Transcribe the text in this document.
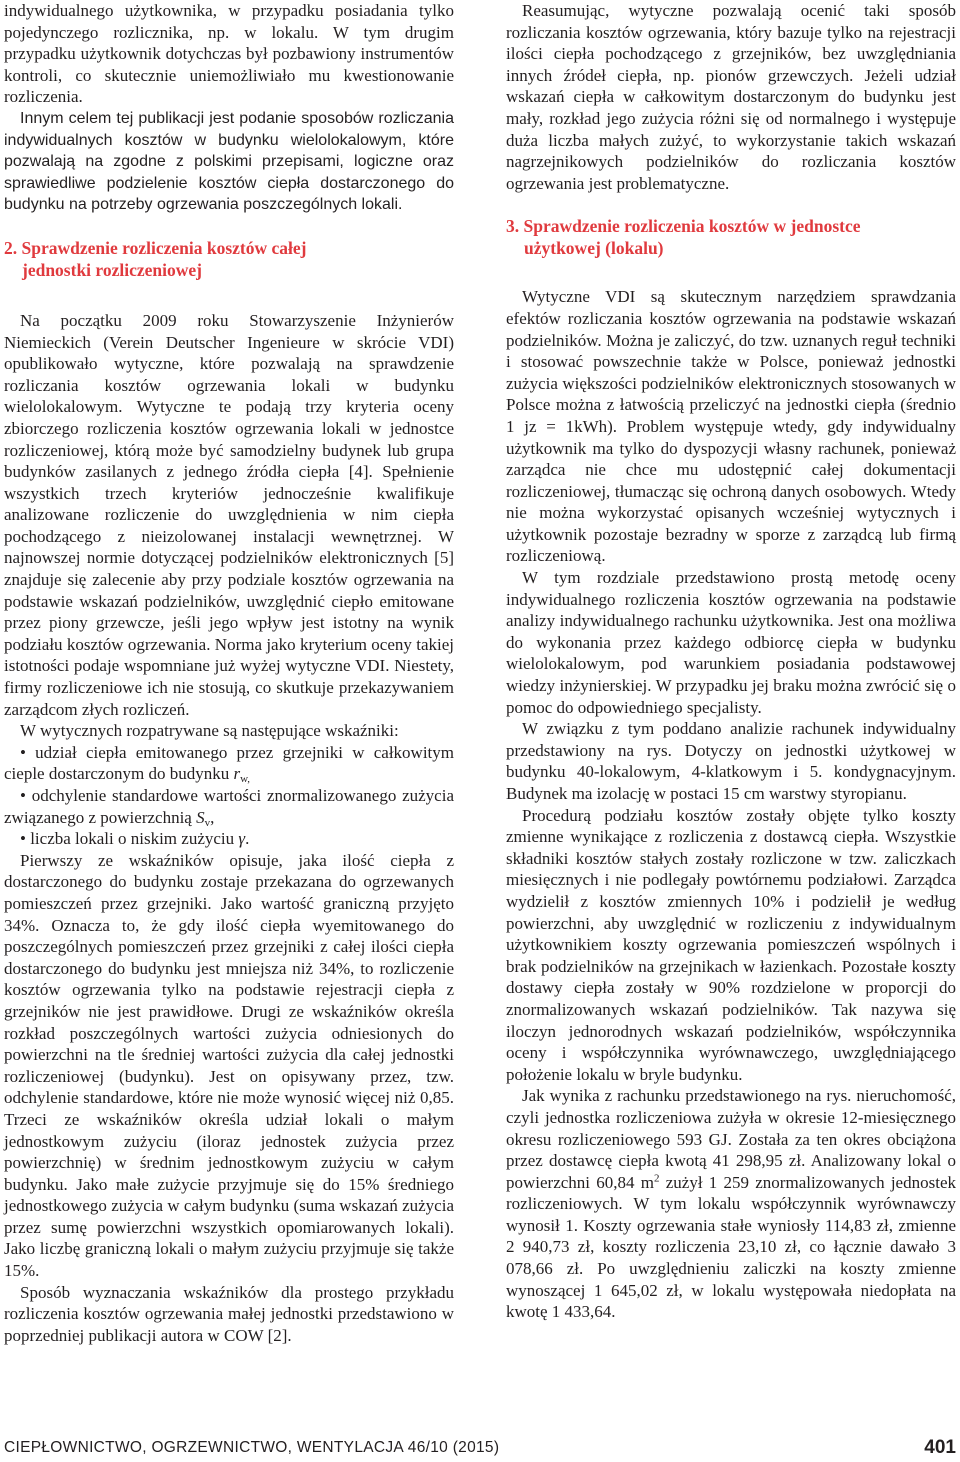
indywidualnego użytkownika, w przypadku posiadania tylko pojedynczego rozlicznika, np. w lokalu. W tym drugim przypadku użytkownik dotychczas był pozbawiony instrumentów kontroli, co skutecznie uniemożliwiało mu kwestionowanie rozliczenia.

Innym celem tej publikacji jest podanie sposobów rozliczania indywidualnych kosztów w budynku wielolokalowym, które pozwalają na zgodne z polskimi przepisami, logiczne oraz sprawiedliwe podzielenie kosztów ciepła dostarczonego do budynku na potrzeby ogrzewania poszczególnych lokali.

2. Sprawdzenie rozliczenia kosztów całej
jednostki rozliczeniowej

Na początku 2009 roku Stowarzyszenie Inżynierów Niemieckich (Verein Deutscher Ingenieure w skrócie VDI) opublikowało wytyczne, które pozwalają na sprawdzenie rozliczania kosztów ogrzewania lokali w budynku wielolokalowym. Wytyczne te podają trzy kryteria oceny zbiorczego rozliczenia kosztów ogrzewania lokali w jednostce rozliczeniowej, którą może być samodzielny budynek lub grupa budynków zasilanych z jednego źródła ciepła [4]. Spełnienie wszystkich trzech kryteriów jednocześnie kwalifikuje analizowane rozliczenie do uwzględnienia w nim ciepła pochodzącego z nieizolowanej instalacji wewnętrznej. W najnowszej normie dotyczącej podzielników elektronicznych [5] znajduje się zalecenie aby przy podziale kosztów ogrzewania na podstawie wskazań podzielników, uwzględnić ciepło emitowane przez piony grzewcze, jeśli jego wpływ jest istotny na wynik podziału kosztów ogrzewania. Norma jako kryterium oceny takiej istotności podaje wspomniane już wyżej wytyczne VDI. Niestety, firmy rozliczeniowe ich nie stosują, co skutkuje przekazywaniem zarządcom złych rozliczeń.

W wytycznych rozpatrywane są następujące wskaźniki:

• udział ciepła emitowanego przez grzejniki w całkowitym cieple dostarczonym do budynku $r_{w,}$

• odchylenie standardowe wartości znormalizowanego zużycia związanego z powierzchnią $S_v$,

• liczba lokali o niskim zużyciu γ.

Pierwszy ze wskaźników opisuje, jaka ilość ciepła z dostarczonego do budynku zostaje przekazana do ogrzewanych pomieszczeń przez grzejniki. Jako wartość graniczną przyjęto 34%. Oznacza to, że gdy ilość ciepła wyemitowanego do poszczególnych pomieszczeń przez grzejniki z całej ilości ciepła dostarczonego do budynku jest mniejsza niż 34%, to rozliczenie kosztów ogrzewania tylko na podstawie rejestracji ciepła z grzejników nie jest prawidłowe. Drugi ze wskaźników określa rozkład poszczególnych wartości zużycia odniesionych do powierzchni na tle średniej wartości zużycia dla całej jednostki rozliczeniowej (budynku). Jest on opisywany przez, tzw. odchylenie standardowe, które nie może wynosić więcej niż 0,85. Trzeci ze wskaźników określa udział lokali o małym jednostkowym zużyciu (iloraz jednostek zużycia przez powierzchnię) w średnim jednostkowym zużyciu w całym budynku. Jako małe zużycie przyjmuje się do 15% średniego jednostkowego zużycia w całym budynku (suma wskazań zużycia przez sumę powierzchni wszystkich opomiarowanych lokali). Jako liczbę graniczną lokali o małym zużyciu przyjmuje się także 15%.

Sposób wyznaczania wskaźników dla prostego przykładu rozliczenia kosztów ogrzewania małej jednostki przedstawiono w poprzedniej publikacji autora w COW [2].

Reasumując, wytyczne pozwalają ocenić taki sposób rozliczania kosztów ogrzewania, który bazuje tylko na rejestracji ilości ciepła pochodzącego z grzejników, bez uwzględniania innych źródeł ciepła, np. pionów grzewczych. Jeżeli udział wskazań ciepła w całkowitym dostarczonym do budynku jest mały, rozkład jego zużycia różni się od normalnego i występuje duża liczba małych zużyć, to wykorzystanie takich wskazań nagrzejnikowych podzielników do rozliczania kosztów ogrzewania jest problematyczne.

3. Sprawdzenie rozliczenia kosztów w jednostce
użytkowej (lokalu)

Wytyczne VDI są skutecznym narzędziem sprawdzania efektów rozliczania kosztów ogrzewania na podstawie wskazań podzielników. Można je zaliczyć, do tzw. uznanych reguł techniki i stosować powszechnie także w Polsce, ponieważ jednostki zużycia większości podzielników elektronicznych stosowanych w Polsce można z łatwością przeliczyć na jednostki ciepła (średnio 1 jz = 1kWh). Problem występuje wtedy, gdy indywidualny użytkownik ma tylko do dyspozycji własny rachunek, ponieważ zarządca nie chce mu udostępnić całej dokumentacji rozliczeniowej, tłumacząc się ochroną danych osobowych. Wtedy nie można wykorzystać opisanych wcześniej wytycznych i użytkownik pozostaje bezradny w sporze z zarządcą lub firmą rozliczeniową.

W tym rozdziale przedstawiono prostą metodę oceny indywidualnego rozliczenia kosztów ogrzewania na podstawie analizy indywidualnego rachunku użytkownika. Jest ona możliwa do wykonania przez każdego odbiorcę ciepła w budynku wielolokalowym, pod warunkiem posiadania podstawowej wiedzy inżynierskiej. W przypadku jej braku można zwrócić się o pomoc do odpowiedniego specjalisty.

W związku z tym poddano analizie rachunek indywidualny przedstawiony na rys. Dotyczy on jednostki użytkowej w budynku 40-lokalowym, 4-klatkowym i 5. kondygnacyjnym. Budynek ma izolację w postaci 15 cm warstwy styropianu.

Procedurą podziału kosztów zostały objęte tylko koszty zmienne wynikające z rozliczenia z dostawcą ciepła. Wszystkie składniki kosztów stałych zostały rozliczone w tzw. zaliczkach miesięcznych i nie podlegały powtórnemu podziałowi. Zarządca wydzielił z kosztów zmiennych 10% i podzielił je według powierzchni, aby uwzględnić w rozliczeniu z indywidualnym użytkownikiem koszty ogrzewania pomieszczeń wspólnych i brak podzielników na grzejnikach w łazienkach. Pozostałe koszty dostawy ciepła zostały w 90% rozdzielone w proporcji do znormalizowanych wskazań podzielników. Tak nazywa się iloczyn jednorodnych wskazań podzielników, współczynnika oceny i współczynnika wyrównawczego, uwzględniającego położenie lokalu w bryle budynku.

Jak wynika z rachunku przedstawionego na rys. nieruchomość, czyli jednostka rozliczeniowa zużyła w okresie 12-miesięcznego okresu rozliczeniowego 593 GJ. Została za ten okres obciążona przez dostawcę ciepła kwotą 41 298,95 zł. Analizowany lokal o powierzchni 60,84 $m^2$ zużył 1 259 znormalizowanych jednostek rozliczeniowych. W tym lokalu współczynnik wyrównawczy wynosił 1. Koszty ogrzewania stałe wyniosły 114,83 zł, zmienne 2 940,73 zł, koszty rozliczenia 23,10 zł, co łącznie dawało 3 078,66 zł. Po uwzględnieniu zaliczki na koszty zmienne wynoszącej 1 645,02 zł, w lokalu występowała niedopłata na kwotę 1 433,64.

CIEPŁOWNICTWO, OGRZEWNICTWO, WENTYLACJA 46/10 (2015)	401
